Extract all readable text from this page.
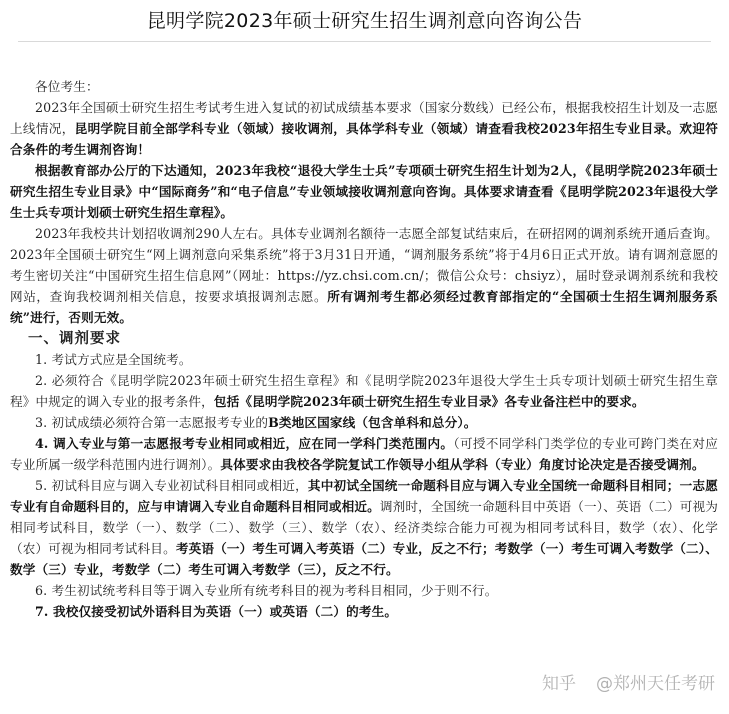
昆明学院2023年硕士研究生招生调剂意向咨询公告

各位考生：

2023年全国硕士研究生招生考试考生进入复试的初试成绩基本要求（国家分数线）已经公布，根据我校招生计划及一志愿上线情况，昆明学院目前全部学科专业（领域）接收调剂，具体学科专业（领域）请查看我校2023年招生专业目录。欢迎符合条件的考生调剂咨询！

根据教育部办公厅的下达通知，2023年我校“退役大学生士兵”专项硕士研究生招生计划为2人，《昆明学院2023年硕士研究生招生专业目录》中“国际商务”和“电子信息”专业领域接收调剂意向咨询。具体要求请查看《昆明学院2023年退役大学生士兵专项计划硕士研究生招生章程》。

2023年我校共计划招收调剂290人左右。具体专业调剂名额待一志愿全部复试结束后，在研招网的调剂系统开通后查询。2023年全国硕士研究生“网上调剂意向采集系统”将于3月31日开通，“调剂服务系统”将于4月6日正式开放。请有调剂意愿的考生密切关注“中国研究生招生信息网”（网址：https://yz.chsi.com.cn/；微信公众号：chsiyz），届时登录调剂系统和我校网站，查询我校调剂相关信息，按要求填报调剂志愿。所有调剂考生都必须经过教育部指定的“全国硕士生招生调剂服务系统”进行，否则无效。

一、调剂要求

1. 考试方式应是全国统考。

2. 必须符合《昆明学院2023年硕士研究生招生章程》和《昆明学院2023年退役大学生士兵专项计划硕士研究生招生章程》中规定的调入专业的报考条件，包括《昆明学院2023年硕士研究生招生专业目录》各专业备注栏中的要求。

3. 初试成绩必须符合第一志愿报考专业的B类地区国家线（包含单科和总分）。

4. 调入专业与第一志愿报考专业相同或相近，应在同一学科门类范围内。（可授不同学科门类学位的专业可跨门类在对应专业所属一级学科范围内进行调剂）。具体要求由我校各学院复试工作领导小组从学科（专业）角度讨论决定是否接受调剂。

5. 初试科目应与调入专业初试科目相同或相近，其中初试全国统一命题科目应与调入专业全国统一命题科目相同；一志愿专业有自命题科目的，应与申请调入专业自命题科目相同或相近。调剂时，全国统一命题科目中英语（一）、英语（二）可视为相同考试科目，数学（一）、数学（二）、数学（三）、数学（农）、经济类综合能力可视为相同考试科目，数学（农）、化学（农）可视为相同考试科目。考英语（一）考生可调入考英语（二）专业，反之不行；考数学（一）考生可调入考数学（二）、数学（三）专业，考数学（二）考生可调入考数学（三），反之不行。

6. 考生初试统考科目等于调入专业所有统考科目的视为考科目相同，少于则不行。

7. 我校仅接受初试外语科目为英语（一）或英语（二）的考生。

知乎 @郑州天任考研
